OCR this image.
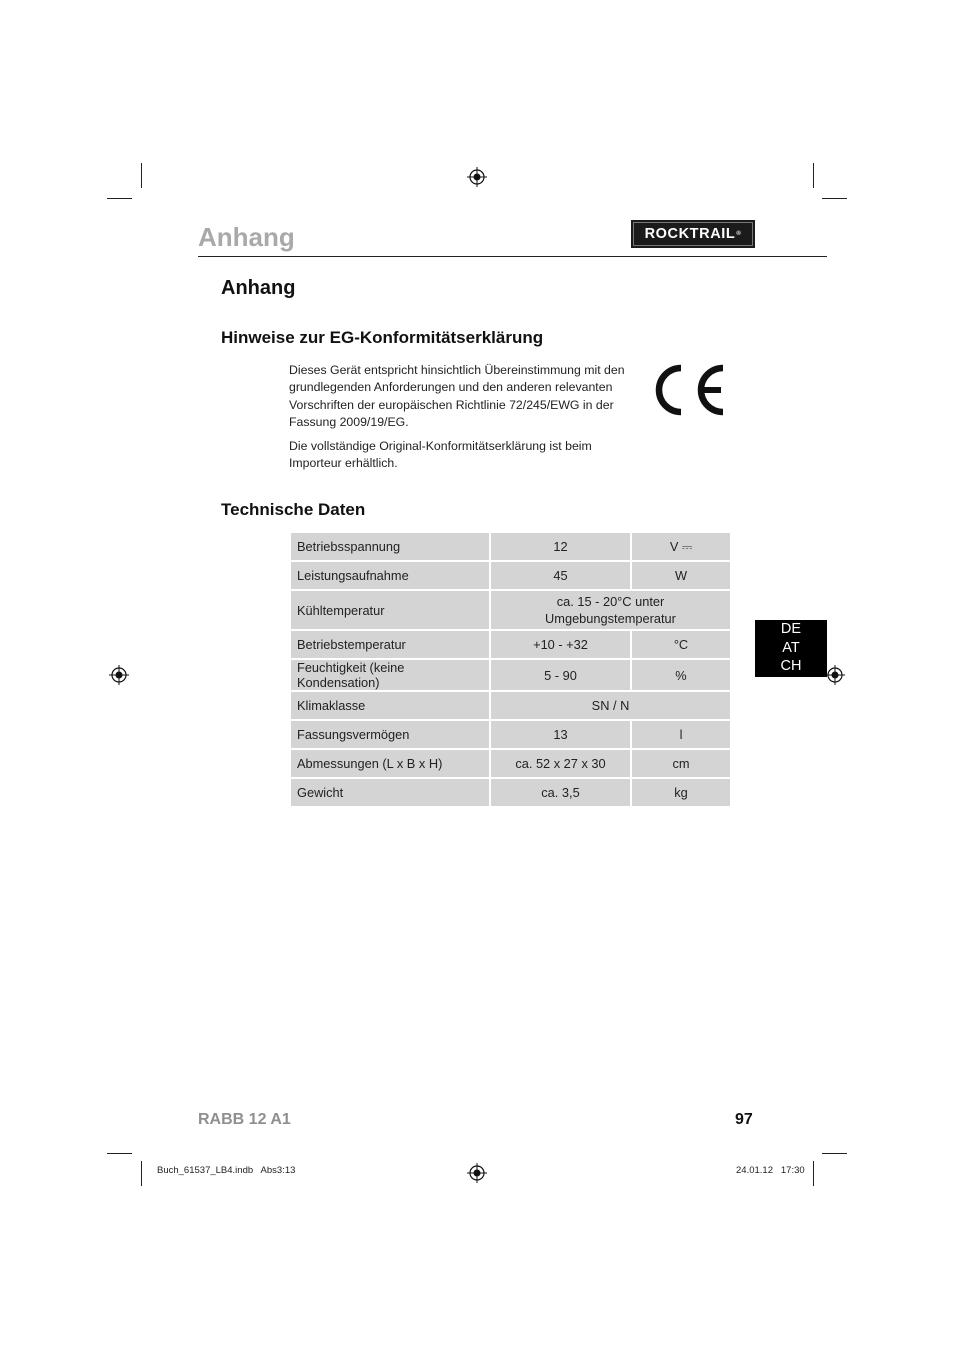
Anhang	ROCKTRAIL ®
Anhang
Hinweise zur EG-Konformitätserklärung
Dieses Gerät entspricht hinsichtlich Übereinstimmung mit den grundlegenden Anforderungen und den anderen relevanten Vorschriften der europäischen Richtlinie 72/245/EWG in der Fassung 2009/19/EG.
Die vollständige Original-Konformitätserklärung ist beim Importeur erhältlich.
Technische Daten
Betriebsspannung	12	V ⎓
Leistungsaufnahme	45	W
Kühltemperatur	ca. 15 - 20°C unter Umgebungstemperatur	
Betriebstemperatur	+10 - +32	°C
Feuchtigkeit (keine Kondensation)	5 - 90	%
Klimaklasse	SN / N	
Fassungsvermögen	13	l
Abmessungen (L x B x H)	ca. 52 x 27 x 30	cm
Gewicht	ca. 3,5	kg
DE
AT
CH
RABB 12 A1	97
Buch_61537_LB4.indb   Abs3:13	24.01.12   17:30
